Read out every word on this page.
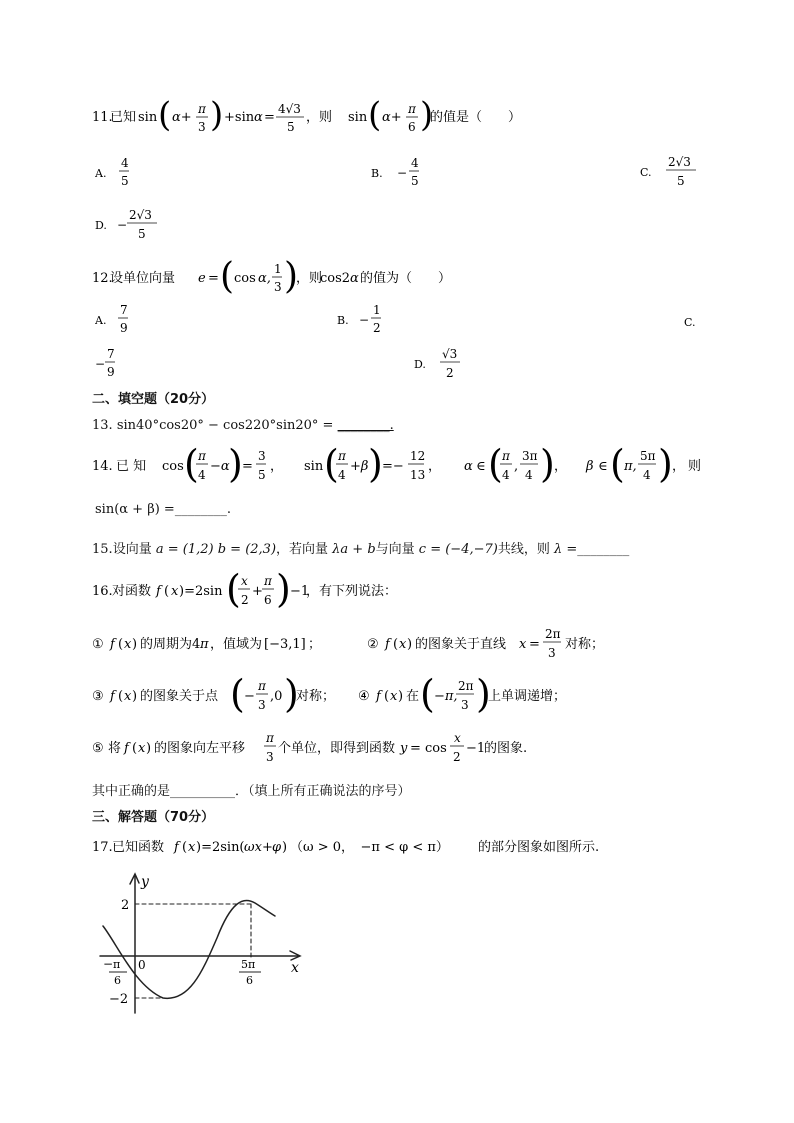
11.
已知 sin ( α+
π
3 ) +sin α =
4√3
5
，则 sin ( α+
π
6 )
的值是（　　）
A.
4
5
B. −
4
5
C.
2√3
5
D. −
2√3
5
12.
设单位向量 e = ( cos α,
1
3 )
，则
cos2 α 的值为（　　）
A.
7
9
B. −
1
2	C.
−
7
9
D.
√3
2
二、填空题（20分）
13. sin40°cos20° − cos220°sin20° = ________.
14. 已 知 cos ( π
4
−α
) =
3
5
， sin ( π
4
+β ) =−
12
13
， α ∈ ( π
4
,
3π
4 ) ， β ∈ ( π,
5π
4 ) ， 则
sin(α + β) =________.
15.设向量 a = (1,2) b = (2,3)，若向量 λa + b与向量 c = (−4,−7)共线，则 λ =________
16. 对函数 f ( x )=2sin ( x
2
+
π
6 ) −1
，有下列说法：
① f ( x ) 的周期为 4 π ，值域为 [−3,1] ；	② f ( x ) 的图象关于直线 x =
2π
3
对称；
③ f ( x ) 的图象关于点 ( −
π
3
,0 )
对称； ④ f ( x ) 在 ( −π,
2π
3 )
上单调递增；
⑤ 将 f ( x ) 的图象向左平移
π
3
个单位，即得到函数 y = cos
x
2
−1
的图象.
其中正确的是__________．（填上所有正确说法的序号）
三、解答题（70分）
17. 已知函数 f ( x )=2sin( ωx + φ ) （ω > 0，　−π < φ < π） 的部分图象如图所示.
y
x
2
−2
0
− π
6
5π
6
